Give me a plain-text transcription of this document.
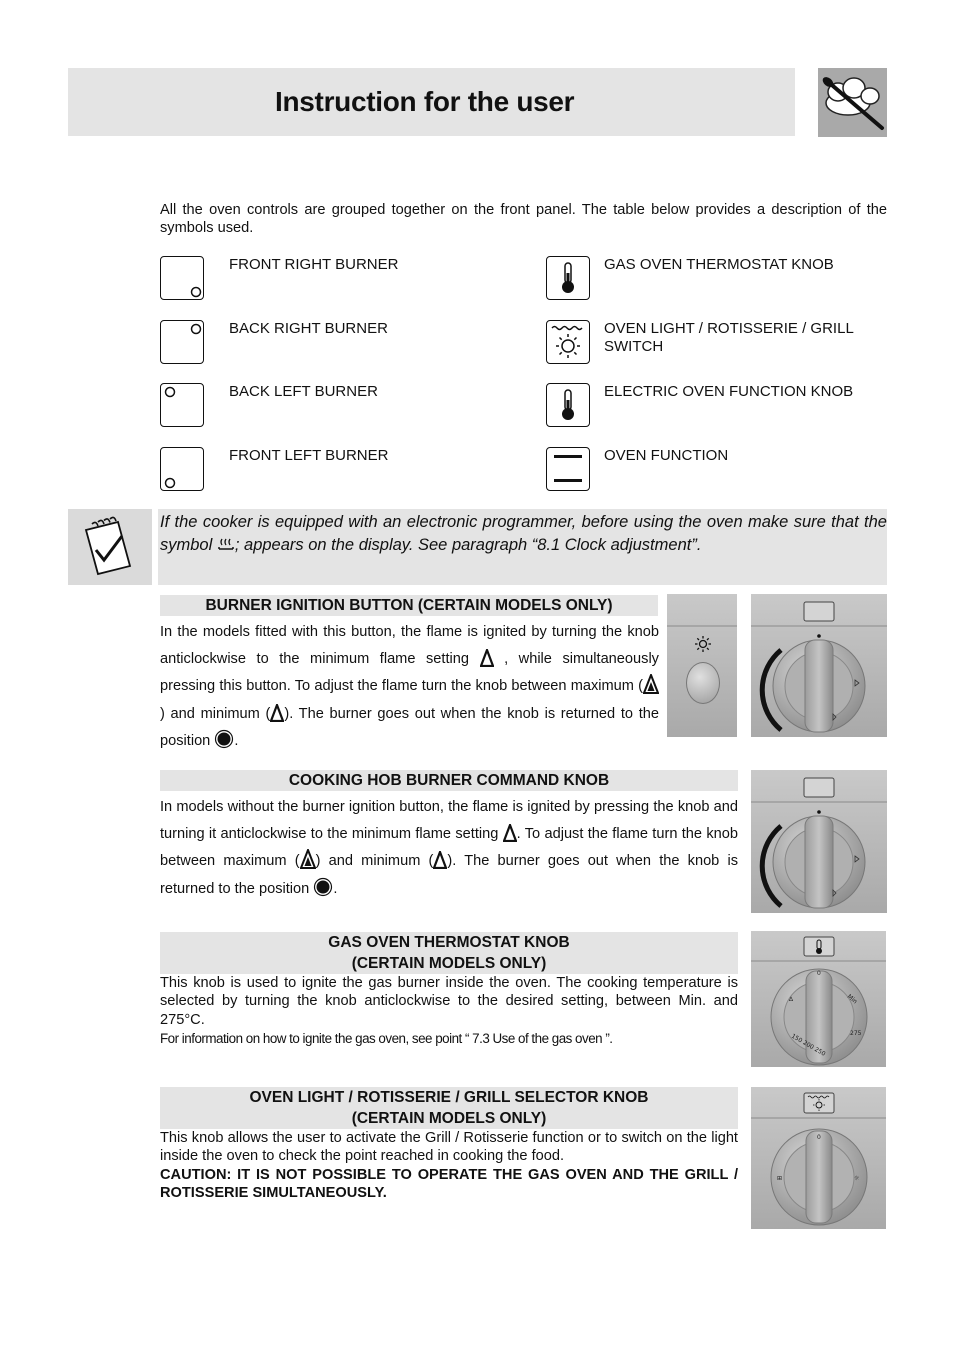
Instruction for the user
All the oven controls are grouped together on the front panel. The table below provides a description of the symbols used.
FRONT RIGHT BURNER
BACK RIGHT BURNER
BACK LEFT BURNER
FRONT LEFT BURNER
GAS OVEN THERMOSTAT KNOB
OVEN LIGHT / ROTISSERIE / GRILL SWITCH
ELECTRIC OVEN FUNCTION KNOB
OVEN FUNCTION
If the cooker is equipped with an electronic programmer, before using the oven make sure that the symbol ; appears on the display. See paragraph “8.1 Clock adjustment”.
BURNER IGNITION BUTTON (CERTAIN MODELS ONLY)
In the models fitted with this button, the flame is ignited by turning the knob anticlockwise to the minimum flame setting  , while simultaneously pressing this button. To adjust the flame turn the knob between maximum () and minimum ( ). The burner goes out when the knob is returned to the position .
COOKING HOB BURNER COMMAND KNOB
In models without the burner ignition button, the flame is ignited by pressing the knob and turning it anticlockwise to the minimum flame setting . To adjust the flame turn the knob between maximum ( ) and minimum ( ). The burner goes out when the knob is returned to the position .
GAS OVEN THERMOSTAT KNOB
(CERTAIN MODELS ONLY)
This knob is used to ignite the gas burner inside the oven. The cooking temperature is selected by turning the knob anticlockwise to the desired setting, between Min. and 275°C.
For information on how to ignite the gas oven, see point “ 7.3 Use of the gas oven ”.
0
Min
275
∆
150 200 250
OVEN LIGHT / ROTISSERIE / GRILL SELECTOR KNOB
(CERTAIN MODELS ONLY)
This knob allows the user to activate the Grill / Rotisserie function or to switch on the light inside the oven to check the point reached in cooking the food.
CAUTION: IT IS NOT POSSIBLE TO OPERATE THE GAS OVEN AND THE GRILL / ROTISSERIE SIMULTANEOUSLY.
0
⊞	☼
